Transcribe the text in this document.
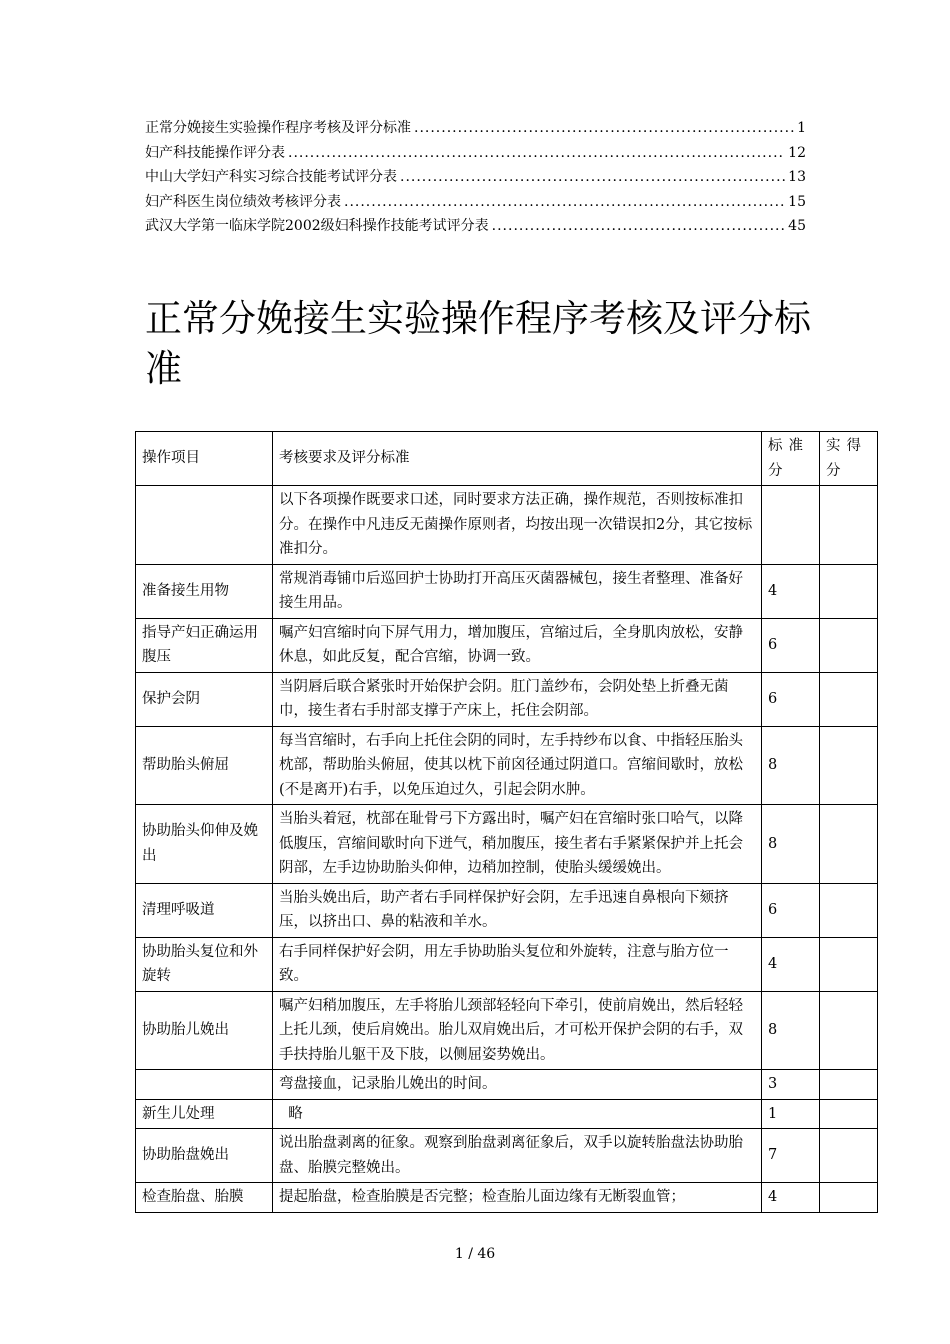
正常分娩接生实验操作程序考核及评分标准 .....	1
妇产科技能操作评分表 .....	12
中山大学妇产科实习综合技能考试评分表 .....	13
妇产科医生岗位绩效考核评分表 .....	15
武汉大学第一临床学院2002级妇科操作技能考试评分表 .....	45
正常分娩接生实验操作程序考核及评分标准
操作项目	考核要求及评分标准	标准分	实得分
	以下各项操作既要求口述，同时要求方法正确，操作规范，否则按标准扣分。在操作中凡违反无菌操作原则者，均按出现一次错误扣2分，其它按标准扣分。		
准备接生用物	常规消毒铺巾后巡回护士协助打开高压灭菌器械包，接生者整理、准备好接生用品。	4	
指导产妇正确运用腹压	嘱产妇宫缩时向下屏气用力，增加腹压，宫缩过后，全身肌肉放松，安静休息，如此反复，配合宫缩，协调一致。	6	
保护会阴	当阴唇后联合紧张时开始保护会阴。肛门盖纱布，会阴处垫上折叠无菌巾，接生者右手肘部支撑于产床上，托住会阴部。	6	
帮助胎头俯屈	每当宫缩时，右手向上托住会阴的同时，左手持纱布以食、中指轻压胎头枕部，帮助胎头俯屈，使其以枕下前囟径通过阴道口。宫缩间歇时，放松(不是离开)右手，以免压迫过久，引起会阴水肿。	8	
协助胎头仰伸及娩出	当胎头着冠，枕部在耻骨弓下方露出时，嘱产妇在宫缩时张口哈气，以降低腹压，宫缩间歇时向下迸气，稍加腹压，接生者右手紧紧保护并上托会阴部，左手边协助胎头仰伸，边稍加控制，使胎头缓缓娩出。	8	
清理呼吸道	当胎头娩出后，助产者右手同样保护好会阴，左手迅速自鼻根向下颏挤压，以挤出口、鼻的粘液和羊水。	6	
协助胎头复位和外旋转	右手同样保护好会阴，用左手协助胎头复位和外旋转，注意与胎方位一致。	4	
协助胎儿娩出	嘱产妇稍加腹压，左手将胎儿颈部轻轻向下牵引，使前肩娩出，然后轻轻上托儿颈，使后肩娩出。胎儿双肩娩出后，才可松开保护会阴的右手，双手扶持胎儿躯干及下肢，以侧屈姿势娩出。	8	
	弯盘接血，记录胎儿娩出的时间。	3	
新生儿处理	略	1	
协助胎盘娩出	说出胎盘剥离的征象。观察到胎盘剥离征象后，双手以旋转胎盘法协助胎盘、胎膜完整娩出。	7	
检查胎盘、胎膜	提起胎盘，检查胎膜是否完整；检查胎儿面边缘有无断裂血管；	4	
1 / 46
